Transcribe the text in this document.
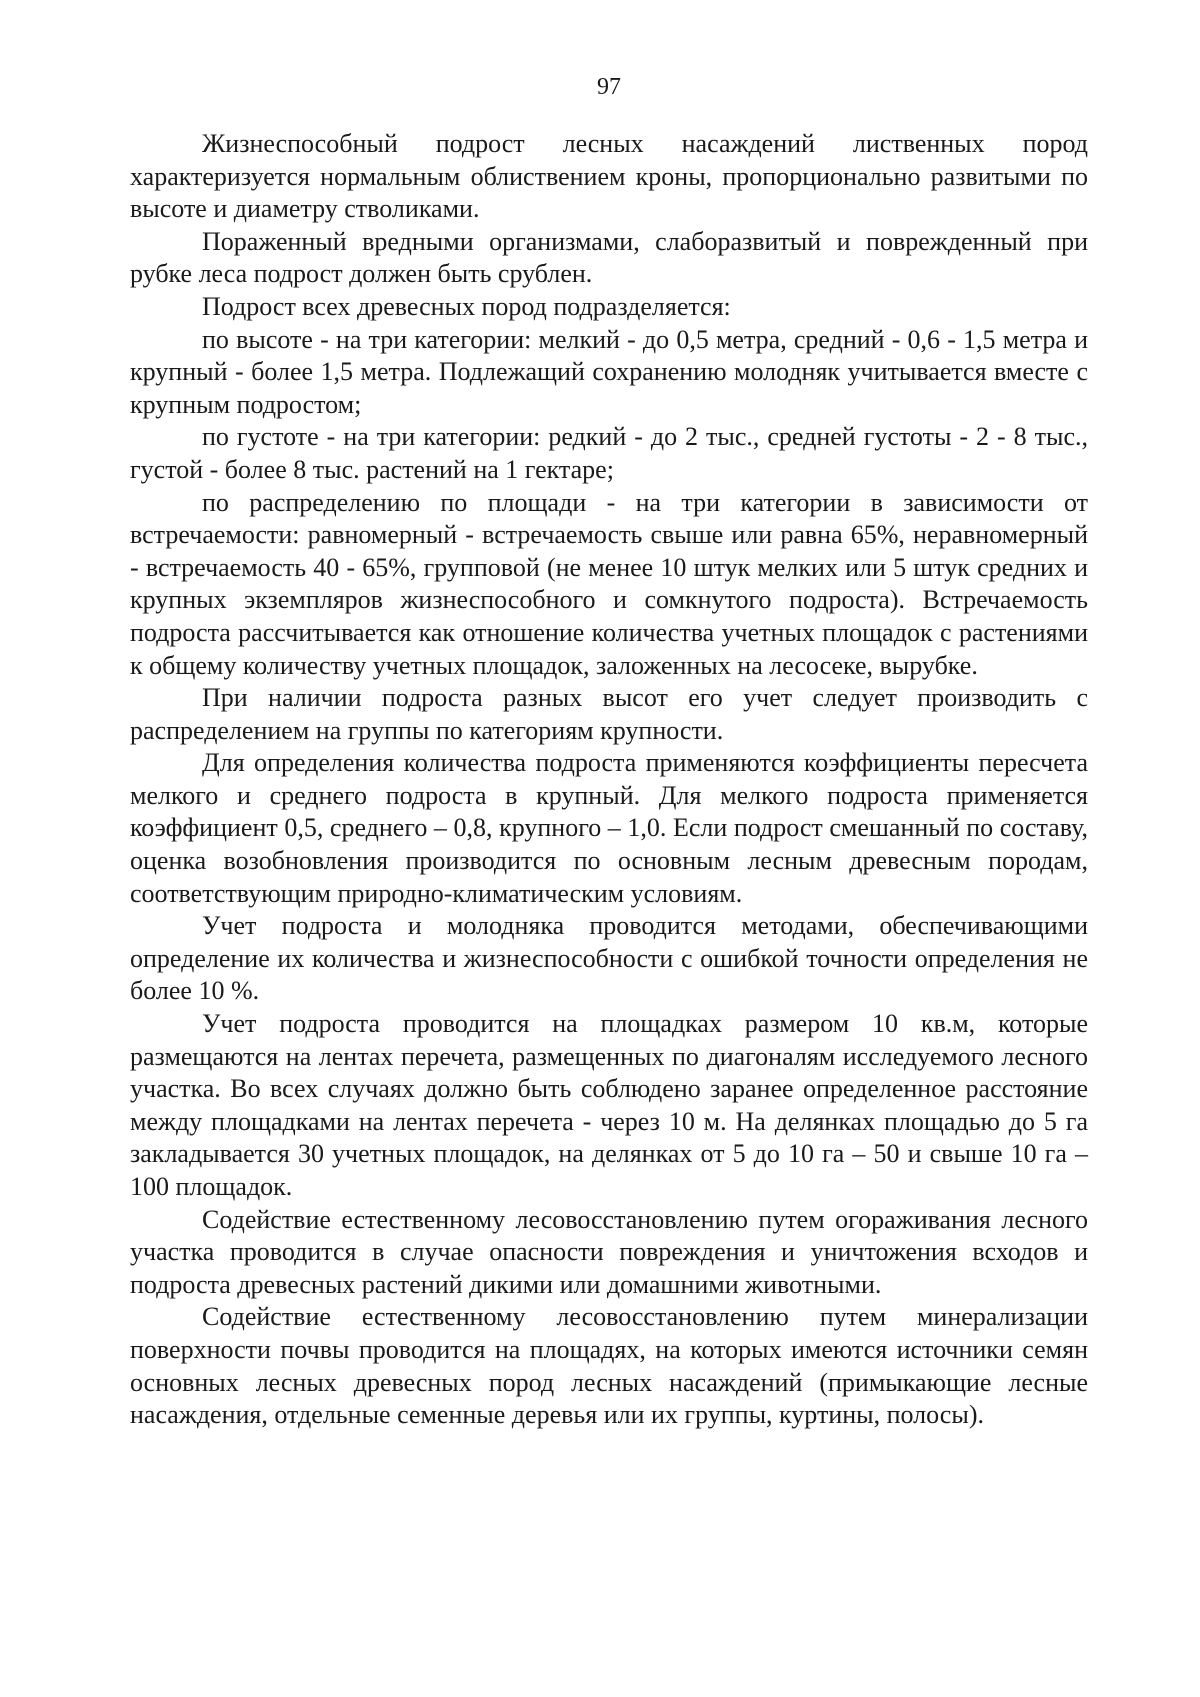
97

Жизнеспособный подрост лесных насаждений лиственных пород характеризуется нормальным облиствением кроны, пропорционально развитыми по высоте и диаметру стволиками.

Пораженный вредными организмами, слаборазвитый и поврежденный при рубке леса подрост должен быть срублен.

Подрост всех древесных пород подразделяется:

по высоте - на три категории: мелкий - до 0,5 метра, средний - 0,6 - 1,5 метра и крупный - более 1,5 метра. Подлежащий сохранению молодняк учитывается вместе с крупным подростом;

по густоте - на три категории: редкий - до 2 тыс., средней густоты - 2 - 8 тыс., густой - более 8 тыс. растений на 1 гектаре;

по распределению по площади - на три категории в зависимости от встречаемости: равномерный - встречаемость свыше или равна 65%, неравномерный - встречаемость 40 - 65%, групповой (не менее 10 штук мелких или 5 штук средних и крупных экземпляров жизнеспособного и сомкнутого подроста). Встречаемость подроста рассчитывается как отношение количества учетных площадок с растениями к общему количеству учетных площадок, заложенных на лесосеке, вырубке.

При наличии подроста разных высот его учет следует производить с распределением на группы по категориям крупности.

Для определения количества подроста применяются коэффициенты пересчета мелкого и среднего подроста в крупный. Для мелкого подроста применяется коэффициент 0,5, среднего – 0,8, крупного – 1,0. Если подрост смешанный по составу, оценка возобновления производится по основным лесным древесным породам, соответствующим природно-климатическим условиям.

Учет подроста и молодняка проводится методами, обеспечивающими определение их количества и жизнеспособности с ошибкой точности определения не более 10 %.

Учет подроста проводится на площадках размером 10 кв.м, которые размещаются на лентах перечета, размещенных по диагоналям исследуемого лесного участка. Во всех случаях должно быть соблюдено заранее определенное расстояние между площадками на лентах перечета - через 10 м. На делянках площадью до 5 га закладывается 30 учетных площадок, на делянках от 5 до 10 га – 50 и свыше 10 га – 100 площадок.

Содействие естественному лесовосстановлению путем огораживания лесного участка проводится в случае опасности повреждения и уничтожения всходов и подроста древесных растений дикими или домашними животными.

Содействие естественному лесовосстановлению путем минерализации поверхности почвы проводится на площадях, на которых имеются источники семян основных лесных древесных пород лесных насаждений (примыкающие лесные насаждения, отдельные семенные деревья или их группы, куртины, полосы).
